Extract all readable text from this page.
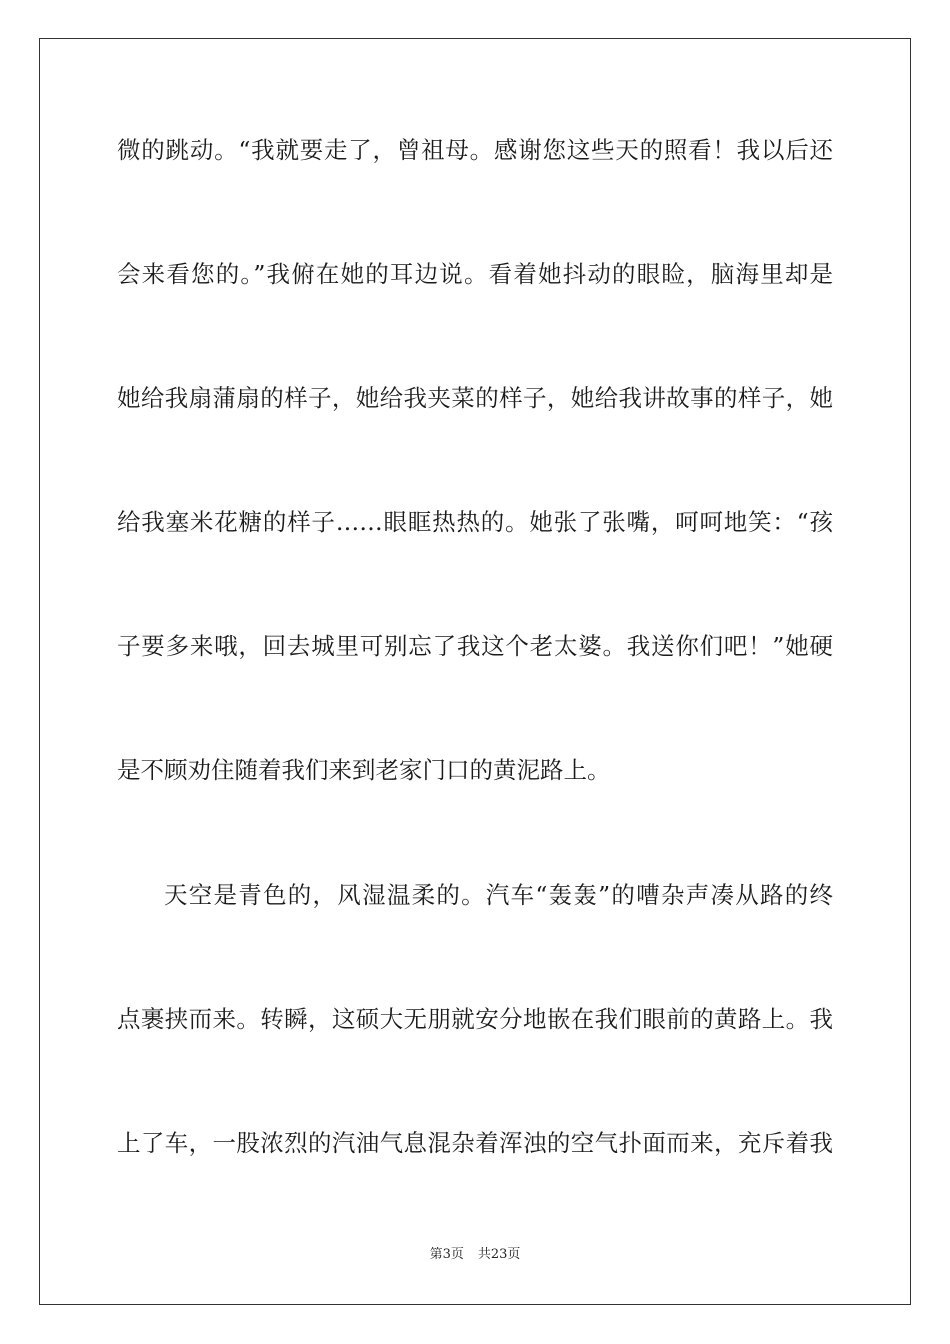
微的跳动。“我就要走了，曾祖母。感谢您这些天的照看！我以后还
会来看您的。”我俯在她的耳边说。看着她抖动的眼睑，脑海里却是
她给我扇蒲扇的样子，她给我夹菜的样子，她给我讲故事的样子，她
给我塞米花糖的样子……眼眶热热的。她张了张嘴，呵呵地笑：“孩
子要多来哦，回去城里可别忘了我这个老太婆。我送你们吧！”她硬
是不顾劝住随着我们来到老家门口的黄泥路上。
天空是青色的，风湿温柔的。汽车“轰轰”的嘈杂声凑从路的终
点裹挟而来。转瞬，这硕大无朋就安分地嵌在我们眼前的黄路上。我
上了车，一股浓烈的汽油气息混杂着浑浊的空气扑面而来，充斥着我
第3页 共23页
